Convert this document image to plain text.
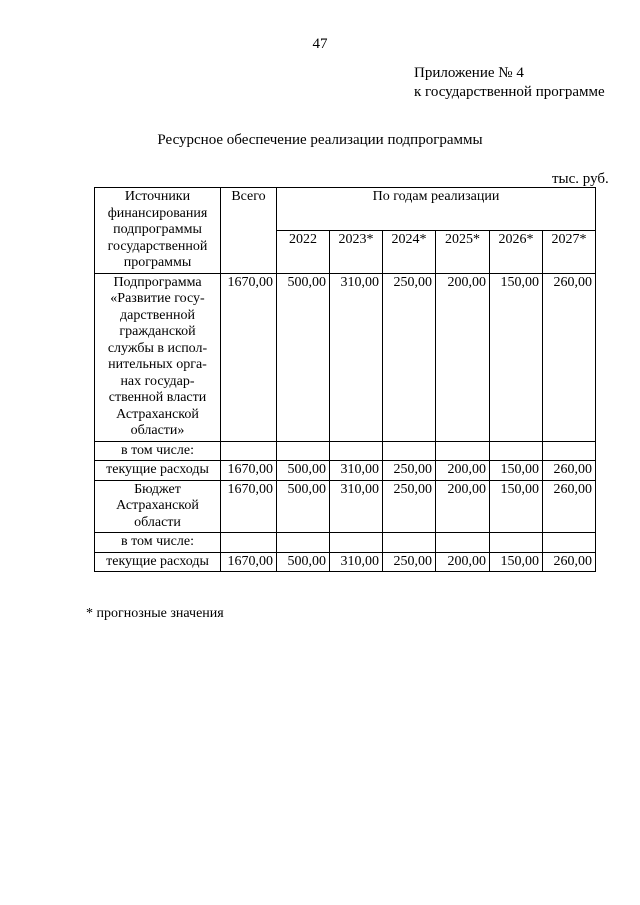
47
Приложение № 4
к государственной программе
Ресурсное обеспечение реализации подпрограммы
тыс. руб.
Источники финансирования подпрограммы государственной программы	Всего	По годам реализации					
		2022	2023*	2024*	2025*	2026*	2027*
Подпрограмма «Развитие госу-дарственной гражданской службы в испол-нительных орга-нах государ-ственной власти Астраханской области»	1670,00	500,00	310,00	250,00	200,00	150,00	260,00
в том числе:							
текущие расходы	1670,00	500,00	310,00	250,00	200,00	150,00	260,00
Бюджет Астраханской области	1670,00	500,00	310,00	250,00	200,00	150,00	260,00
в том числе:							
текущие расходы	1670,00	500,00	310,00	250,00	200,00	150,00	260,00
* прогнозные значения
